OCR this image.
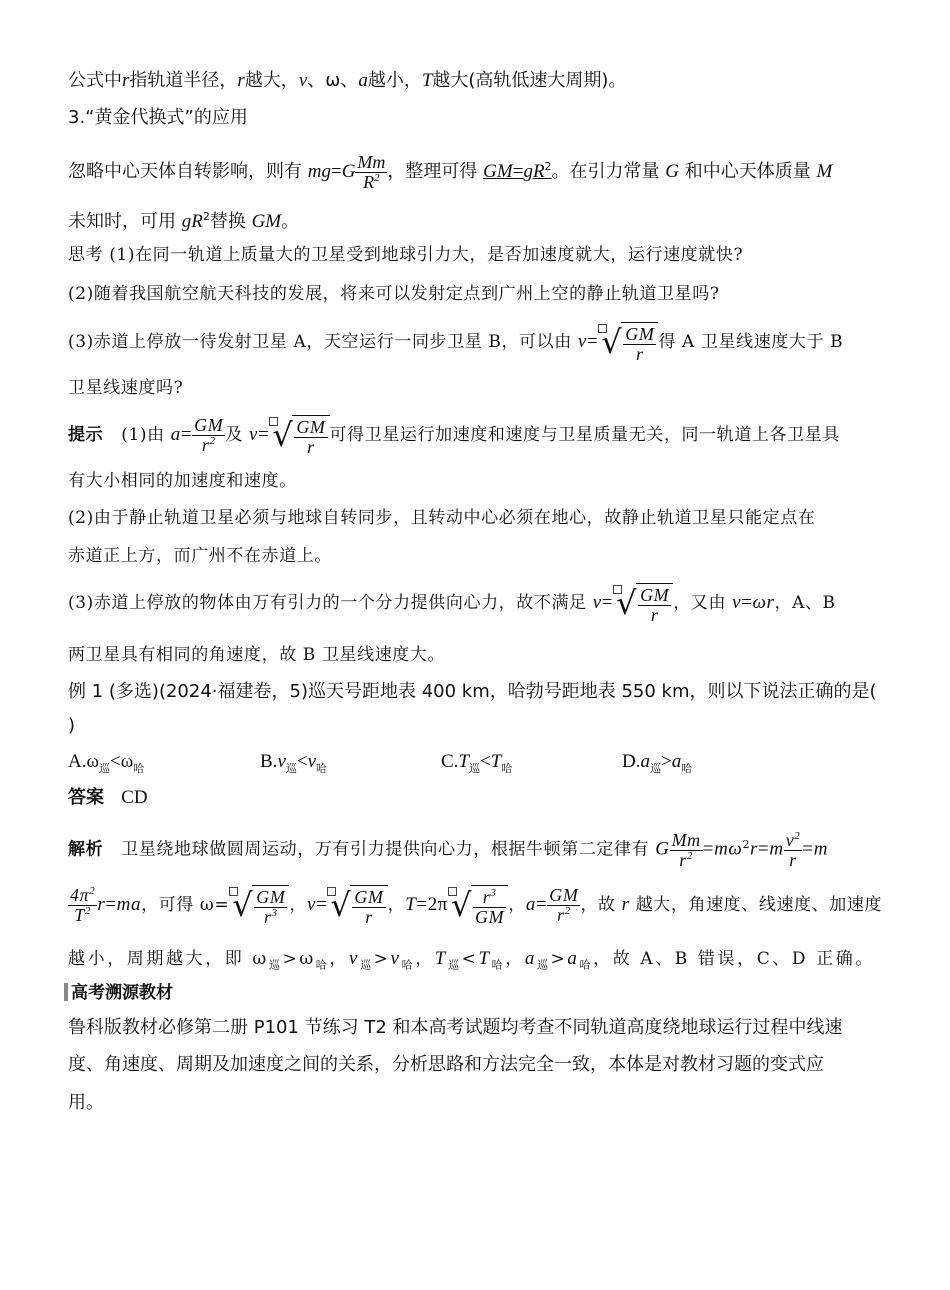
公式中r指轨道半径，r越大，v、ω、a越小，T越大(高轨低速大周期)。
3.“黄金代换式”的应用
忽略中心天体自转影响，则有 $mg=G \frac{Mm}{R^2}$ ，整理可得 $GM=gR^2$。在引力常量 G 和中心天体质量 M
未知时，可用 $gR^2$替换 GM。
思考 (1)在同一轨道上质量大的卫星受到地球引力大，是否加速度就大，运行速度就快?
(2)随着我国航空航天科技的发展，将来可以发射定点到广州上空的静止轨道卫星吗?
(3)赤道上停放一待发射卫星 A，天空运行一同步卫星 B，可以由 v= √ $\frac{GM}{r}$ 得 A 卫星线速度大于 B
卫星线速度吗?
提示 (1)由 $a= \frac{GM}{r^2}$ 及 v= √ $\frac{GM}{r}$ 可得卫星运行加速度和速度与卫星质量无关，同一轨道上各卫星具
有大小相同的加速度和速度。
(2)由于静止轨道卫星必须与地球自转同步，且转动中心必须在地心，故静止轨道卫星只能定点在
赤道正上方，而广州不在赤道上。
(3)赤道上停放的物体由万有引力的一个分力提供向心力，故不满足 v= √ $\frac{GM}{r}$ ，又由 v=ωr，A、B
两卫星具有相同的角速度，故 B 卫星线速度大。
例 1 (多选)(2024·福建卷，5)巡天号距地表 400 km，哈勃号距地表 550 km，则以下说法正确的是(
)
$A.\omega_巡<\omega_哈$	$B.v_巡<v_哈$	$C.T_巡<T_哈$	$D.a_巡>a_哈$
答案 CD
解析 卫星绕地球做圆周运动，万有引力提供向心力，根据牛顿第二定律有 G $\frac{Mm}{r^2} =m\omega^2r=m \frac{v^2}{r} =m$
$\frac{4\pi^2}{T^2} r=ma$，可得 ω= √ $\frac{GM}{r^3}$ ，v= √ $\frac{GM}{r}$ ，T=2π √ $\frac{r^3}{GM}$ ，$a= \frac{GM}{r^2}$ ，故 r 越大，角速度、线速度、加速度
越小，周期越大，即 $\omega_巡>\omega_哈$，$v_巡>v_哈$，$T_巡<T_哈$，$a_巡>a_哈$，故 A、B 错误，C、D 正确。
高考溯源教材
鲁科版教材必修第二册 P101 节练习 T2 和本高考试题均考查不同轨道高度绕地球运行过程中线速
度、角速度、周期及加速度之间的关系，分析思路和方法完全一致，本体是对教材习题的变式应
用。
